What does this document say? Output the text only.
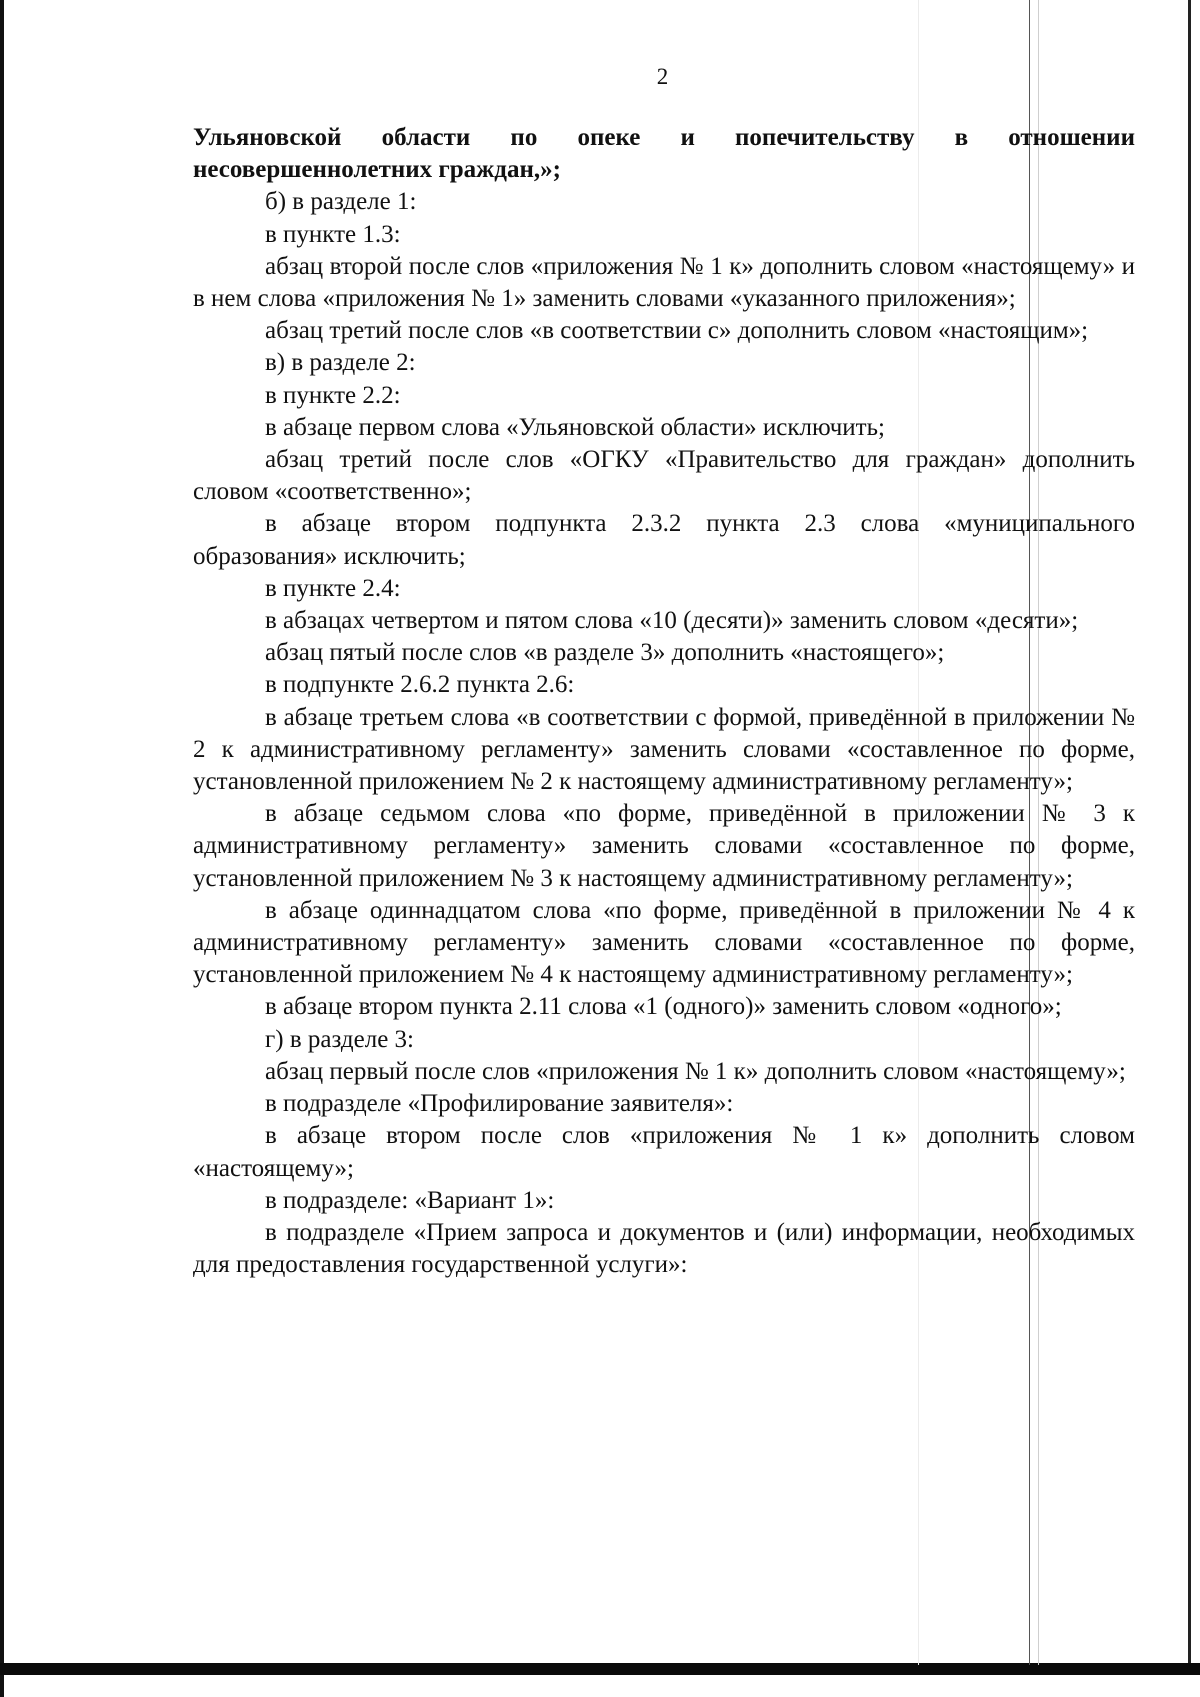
2

Ульяновской области по опеке и попечительству в отношении несовершеннолетних граждан,»;

б) в разделе 1:

в пункте 1.3:

абзац второй после слов «приложения № 1 к» дополнить словом «настоящему» и в нем слова «приложения № 1» заменить словами «указанного приложения»;

абзац третий после слов «в соответствии с» дополнить словом «настоящим»;

в) в разделе 2:

в пункте 2.2:

в абзаце первом слова «Ульяновской области» исключить;

абзац третий после слов «ОГКУ «Правительство для граждан» дополнить словом «соответственно»;

в абзаце втором подпункта 2.3.2 пункта 2.3 слова «муниципального образования» исключить;

в пункте 2.4:

в абзацах четвертом и пятом слова «10 (десяти)» заменить словом «десяти»;

абзац пятый после слов «в разделе 3» дополнить «настоящего»;

в подпункте 2.6.2 пункта 2.6:

в абзаце третьем слова «в соответствии с формой, приведённой в приложении № 2 к административному регламенту» заменить словами «составленное по форме, установленной приложением № 2 к настоящему административному регламенту»;

в абзаце седьмом слова «по форме, приведённой в приложении № 3 к административному регламенту» заменить словами «составленное по форме, установленной приложением № 3 к настоящему административному регламенту»;

в абзаце одиннадцатом слова «по форме, приведённой в приложении № 4 к административному регламенту» заменить словами «составленное по форме, установленной приложением № 4 к настоящему административному регламенту»;

в абзаце втором пункта 2.11 слова «1 (одного)» заменить словом «одного»;

г) в разделе 3:

абзац первый после слов «приложения № 1 к» дополнить словом «настоящему»;

в подразделе «Профилирование заявителя»:

в абзаце втором после слов «приложения № 1 к» дополнить словом «настоящему»;

в подразделе: «Вариант 1»:

в подразделе «Прием запроса и документов и (или) информации, необходимых для предоставления государственной услуги»:
